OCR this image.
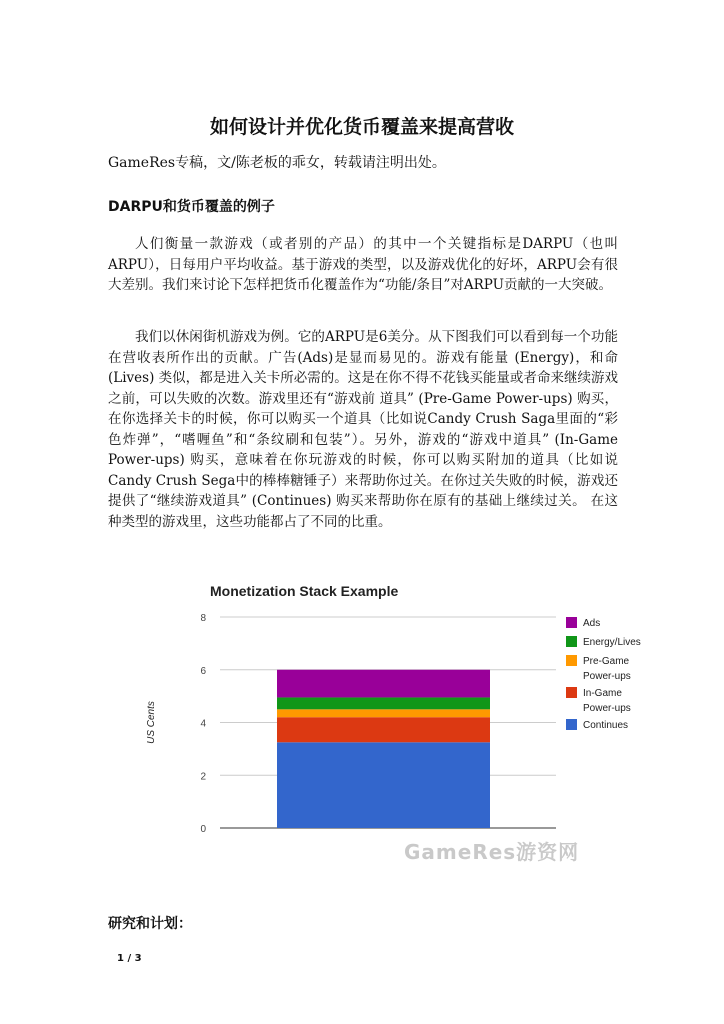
如何设计并优化货币覆盖来提高营收

GameRes专稿，文/陈老板的乖女，转载请注明出处。

DARPU和货币覆盖的例子

人们衡量一款游戏（或者别的产品）的其中一个关键指标是DARPU（也叫ARPU），日每用户平均收益。基于游戏的类型，以及游戏优化的好坏，ARPU会有很大差别。我们来讨论下怎样把货币化覆盖作为“功能/条目”对ARPU贡献的一大突破。

我们以休闲街机游戏为例。它的ARPU是6美分。从下图我们可以看到每一个功能在营收表所作出的贡献。广告(Ads)是显而易见的。游戏有能量 (Energy)，和命 (Lives) 类似，都是进入关卡所必需的。这是在你不得不花钱买能量或者命来继续游戏之前，可以失败的次数。游戏里还有“游戏前 道具” (Pre-Game Power-ups) 购买，在你选择关卡的时候，你可以购买一个道具（比如说Candy Crush Saga里面的“彩色炸弹”，“嗜喱鱼”和“条纹刷和包装”）。另外，游戏的“游戏中道具” (In-Game Power-ups) 购买，意味着在你玩游戏的时候，你可以购买附加的道具（比如说Candy Crush Sega中的棒棒糖锤子）来帮助你过关。在你过关失败的时候，游戏还提供了“继续游戏道具” (Continues) 购买来帮助你在原有的基础上继续过关。 在这种类型的游戏里，这些功能都占了不同的比重。

Monetization Stack Example
US Cents
0
2
4
6
8	Ads
Energy/Lives
Pre-Game Power-ups
In-Game Power-ups
Continues
GameRes游资网
研究和计划：

1 / 3
